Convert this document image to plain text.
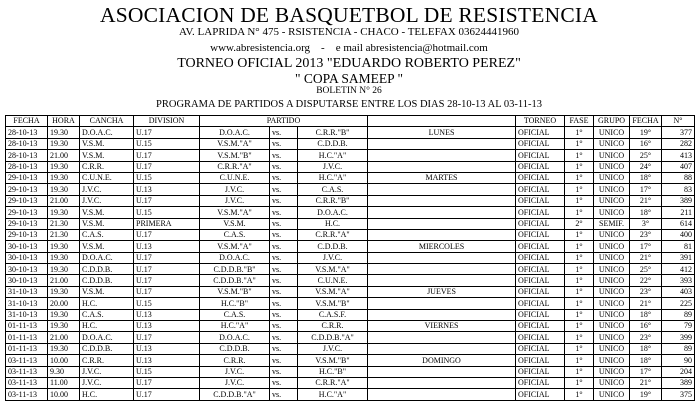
ASOCIACION DE BASQUETBOL DE RESISTENCIA
AV. LAPRIDA N° 475 - RSISTENCIA - CHACO - TELEFAX 03624441960
www.abresistencia.org    -    e mail abresistencia@hotmail.com
TORNEO OFICIAL 2013 "EDUARDO ROBERTO PEREZ"
" COPA SAMEEP "
BOLETIN N° 26
PROGRAMA DE PARTIDOS A DISPUTARSE ENTRE LOS DIAS 28-10-13 AL 03-11-13
FECHA	HORA	CANCHA	DIVISION	PARTIDO				TORNEO	FASE	GRUPO	FECHA	N°
28-10-13	19.30	D.O.A.C.	U.17	D.O.A.C.	vs.	C.R.R."B"	LUNES	OFICIAL	1°	UNICO	19°	377
28-10-13	19.30	V.S.M.	U.15	V.S.M."A"	vs.	C.D.D.B.		OFICIAL	1°	UNICO	16°	282
28-10-13	21.00	V.S.M.	U.17	V.S.M."B"	vs.	H.C."A"		OFICIAL	1°	UNICO	25°	413
28-10-13	19.30	C.R.R.	U.17	C.R.R."A"	vs.	J.V.C.		OFICIAL	1°	UNICO	24°	407
29-10-13	19.30	C.U.N.E.	U.15	C.U.N.E.	vs.	H.C."A"	MARTES	OFICIAL	1°	UNICO	18°	88
29-10-13	19.30	J.V.C.	U.13	J.V.C.	vs.	C.A.S.		OFICIAL	1°	UNICO	17°	83
29-10-13	21.00	J.V.C.	U.17	J.V.C.	vs.	C.R.R."B"		OFICIAL	1°	UNICO	21°	389
29-10-13	19.30	V.S.M.	U.15	V.S.M."A"	vs.	D.O.A.C.		OFICIAL	1°	UNICO	18°	211
29-10-13	21.30	V.S.M.	PRIMERA	V.S.M.	vs.	H.C.		OFICIAL	2°	SEMIF.	3°	614
29-10-13	21.30	C.A.S.	U.17	C.A.S.	vs.	C.R.R."A"		OFICIAL	1°	UNICO	23°	400
30-10-13	19.30	V.S.M.	U.13	V.S.M."A"	vs.	C.D.D.B.	MIERCOLES	OFICIAL	1°	UNICO	17°	81
30-10-13	19.30	D.O.A.C.	U.17	D.O.A.C.	vs.	J.V.C.		OFICIAL	1°	UNICO	21°	391
30-10-13	19.30	C.D.D.B.	U.17	C.D.D.B."B"	vs.	V.S.M."A"		OFICIAL	1°	UNICO	25°	412
30-10-13	21.00	C.D.D.B.	U.17	C.D.D.B."A"	vs.	C.U.N.E.		OFICIAL	1°	UNICO	22°	393
31-10-13	19.30	V.S.M.	U.17	V.S.M."B"	vs.	V.S.M."A"	JUEVES	OFICIAL	1°	UNICO	23°	403
31-10-13	20.00	H.C.	U.15	H.C."B"	vs.	V.S.M."B"		OFICIAL	1°	UNICO	21°	225
31-10-13	19.30	C.A.S.	U.13	C.A.S.	vs.	C.A.S.F.		OFICIAL	1°	UNICO	18°	89
01-11-13	19.30	H.C.	U.13	H.C."A"	vs.	C.R.R.	VIERNES	OFICIAL	1°	UNICO	16°	79
01-11-13	21.00	D.O.A.C.	U.17	D.O.A.C.	vs.	C.D.D.B."A"		OFICIAL	1°	UNICO	23°	399
01-11-13	19.30	C.D.D.B.	U.13	C.D.D.B.	vs.	J.V.C.		OFICIAL	1°	UNICO	18°	89
03-11-13	10.00	C.R.R.	U.13	C.R.R.	vs.	V.S.M."B"	DOMINGO	OFICIAL	1°	UNICO	18°	90
03-11-13	9.30	J.V.C.	U.15	J.V.C.	vs.	H.C."B"		OFICIAL	1°	UNICO	17°	204
03-11-13	11.00	J.V.C.	U.17	J.V.C.	vs.	C.R.R."A"		OFICIAL	1°	UNICO	21°	389
03-11-13	10.00	H.C.	U.17	C.D.D.B."A"	vs.	H.C."A"		OFICIAL	1°	UNICO	19°	375
